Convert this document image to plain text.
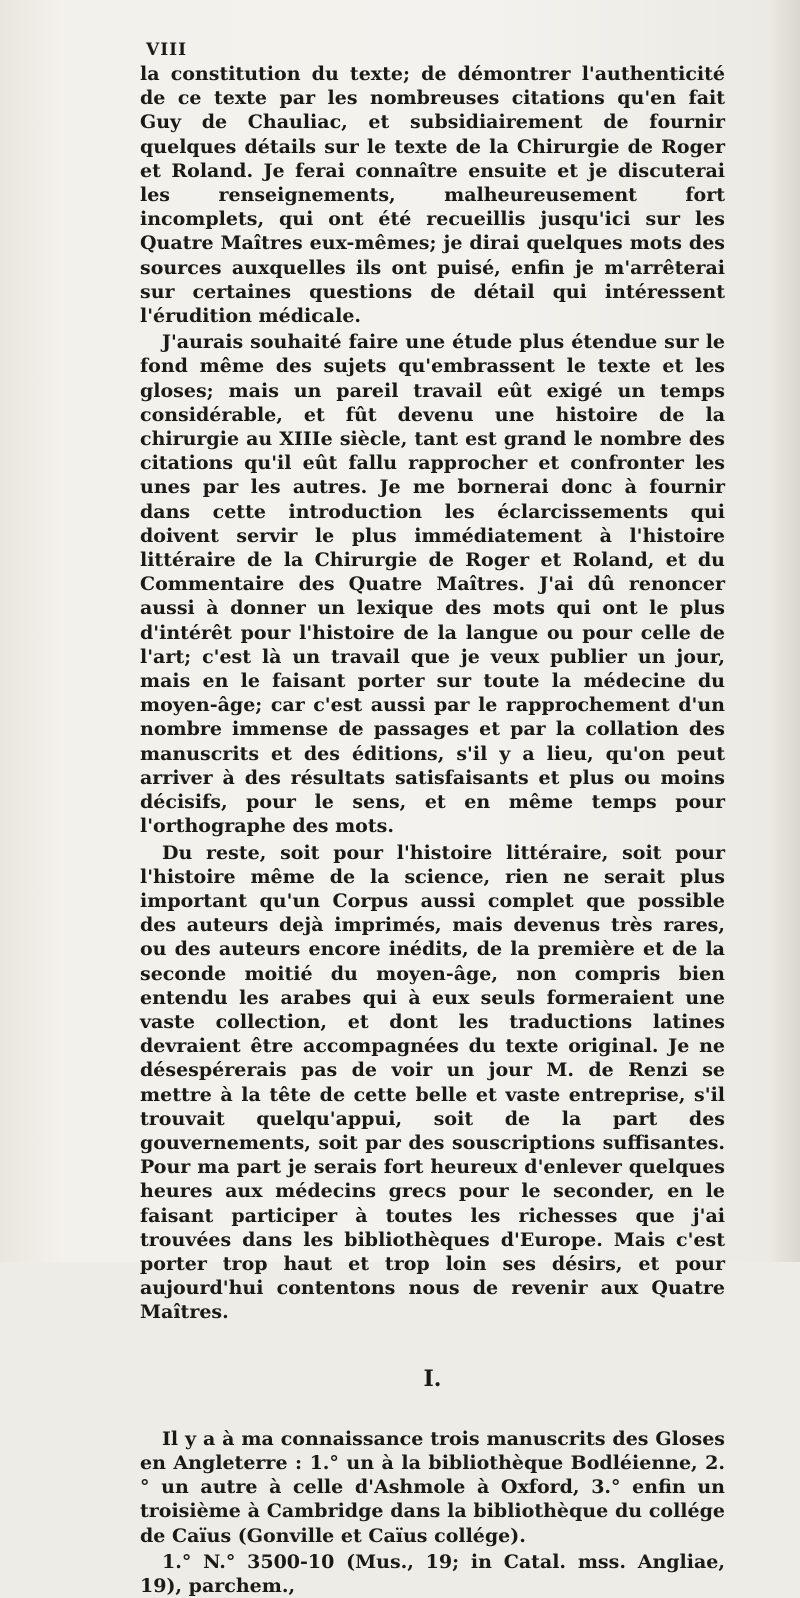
VIII

la constitution du texte; de démontrer l'authenticité de ce texte par les nombreuses citations qu'en fait Guy de Chauliac, et subsidiairement de fournir quelques détails sur le texte de la Chirurgie de Roger et Roland. Je ferai connaître ensuite et je discuterai les renseignements, malheureusement fort incomplets, qui ont été recueillis jusqu'ici sur les Quatre Maîtres eux-mêmes; je dirai quelques mots des sources auxquelles ils ont puisé, enfin je m'arrêterai sur certaines questions de détail qui intéressent l'érudition médicale.

J'aurais souhaité faire une étude plus étendue sur le fond même des sujets qu'embrassent le texte et les gloses; mais un pareil travail eût exigé un temps considérable, et fût devenu une histoire de la chirurgie au XIIIe siècle, tant est grand le nombre des citations qu'il eût fallu rapprocher et confronter les unes par les autres. Je me bornerai donc à fournir dans cette introduction les éclarcissements qui doivent servir le plus immédiatement à l'histoire littéraire de la Chirurgie de Roger et Roland, et du Commentaire des Quatre Maîtres. J'ai dû renoncer aussi à donner un lexique des mots qui ont le plus d'intérêt pour l'histoire de la langue ou pour celle de l'art; c'est là un travail que je veux publier un jour, mais en le faisant porter sur toute la médecine du moyen-âge; car c'est aussi par le rapprochement d'un nombre immense de passages et par la collation des manuscrits et des éditions, s'il y a lieu, qu'on peut arriver à des résultats satisfaisants et plus ou moins décisifs, pour le sens, et en même temps pour l'orthographe des mots.

Du reste, soit pour l'histoire littéraire, soit pour l'histoire même de la science, rien ne serait plus important qu'un Corpus aussi complet que possible des auteurs dejà imprimés, mais devenus très rares, ou des auteurs encore inédits, de la première et de la seconde moitié du moyen-âge, non compris bien entendu les arabes qui à eux seuls formeraient une vaste collection, et dont les traductions latines devraient être accompagnées du texte original. Je ne désespérerais pas de voir un jour M. de Renzi se mettre à la tête de cette belle et vaste entreprise, s'il trouvait quelqu'appui, soit de la part des gouvernements, soit par des souscriptions suffisantes. Pour ma part je serais fort heureux d'enlever quelques heures aux médecins grecs pour le seconder, en le faisant participer à toutes les richesses que j'ai trouvées dans les bibliothèques d'Europe. Mais c'est porter trop haut et trop loin ses désirs, et pour aujourd'hui contentons nous de revenir aux Quatre Maîtres.

I.

Il y a à ma connaissance trois manuscrits des Gloses en Angleterre : 1.° un à la bibliothèque Bodléienne, 2.° un autre à celle d'Ashmole à Oxford, 3.° enfin un troisième à Cambridge dans la bibliothèque du collége de Caïus (Gonville et Caïus collége).

1.° N.° 3500-10 (Mus., 19; in Catal. mss. Angliae, 19), parchem.,
